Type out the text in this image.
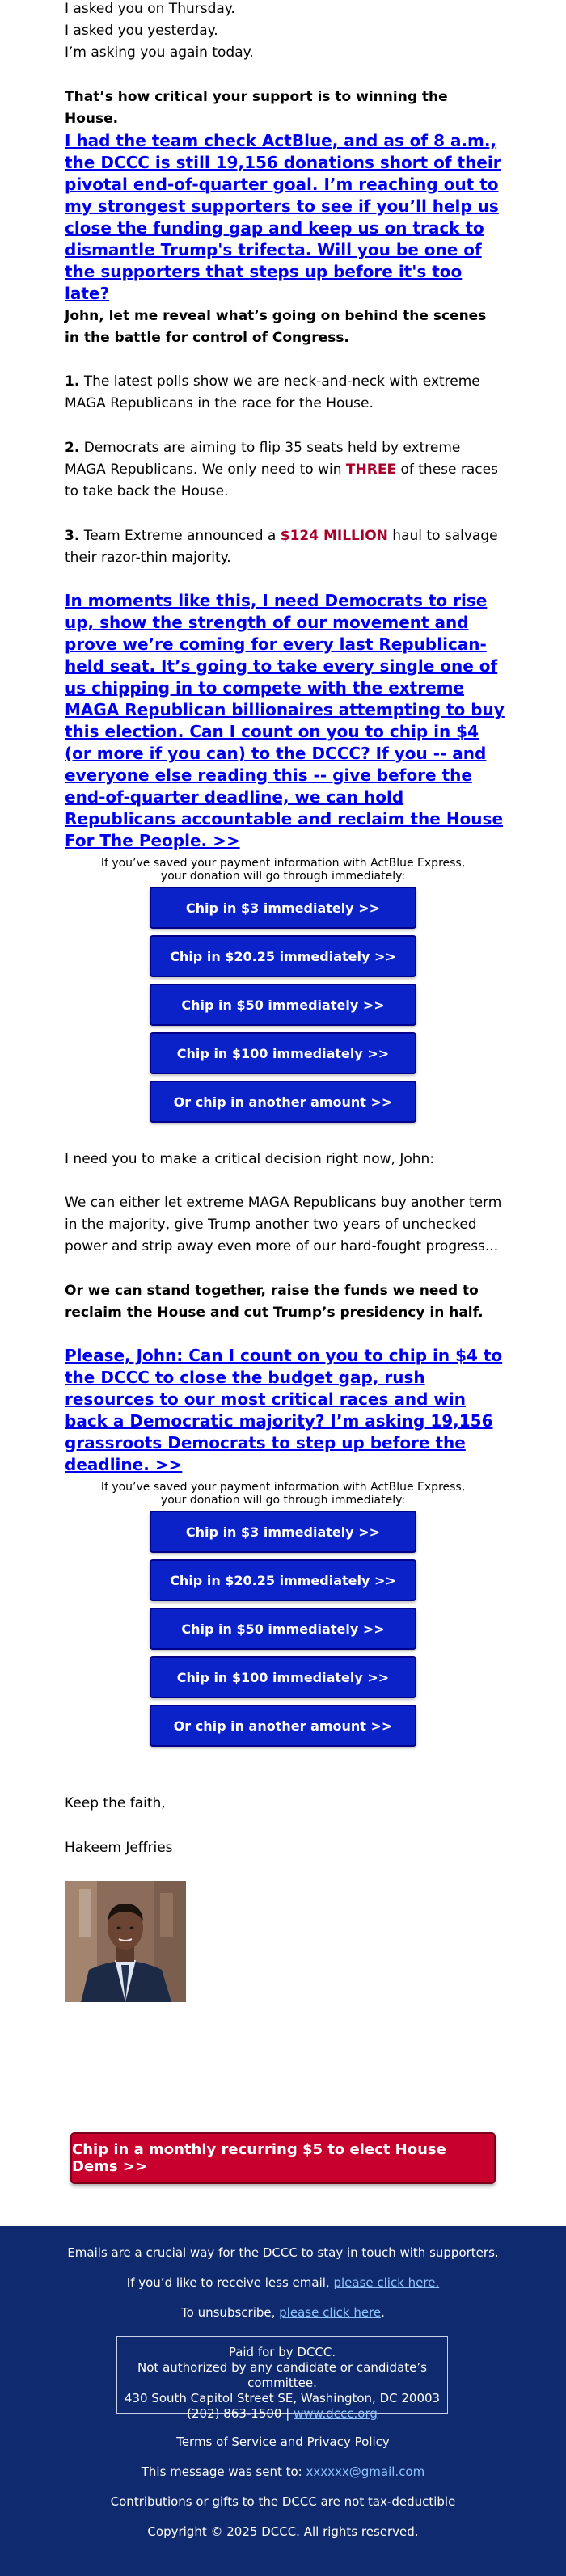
I asked you on Thursday.

I asked you yesterday.

I’m asking you again today.

That’s how critical your support is to winning the House.

I had the team check ActBlue, and as of 8 a.m., the DCCC is still 19,156 donations short of their pivotal end-of-quarter goal. I’m reaching out to my strongest supporters to see if you’ll help us close the funding gap and keep us on track to dismantle Trump's trifecta. Will you be one of the supporters that steps up before it's too late?

John, let me reveal what’s going on behind the scenes in the battle for control of Congress.

1. The latest polls show we are neck-and-neck with extreme MAGA Republicans in the race for the House.

2. Democrats are aiming to flip 35 seats held by extreme MAGA Republicans. We only need to win THREE of these races to take back the House.

3. Team Extreme announced a $124 MILLION haul to salvage their razor-thin majority.

In moments like this, I need Democrats to rise up, show the strength of our movement and prove we’re coming for every last Republican-held seat. It’s going to take every single one of us chipping in to compete with the extreme MAGA Republican billionaires attempting to buy this election. Can I count on you to chip in $4 (or more if you can) to the DCCC? If you -- and everyone else reading this -- give before the end-of-quarter deadline, we can hold Republicans accountable and reclaim the House For The People. >>
If you’ve saved your payment information with ActBlue Express,
your donation will go through immediately:
Chip in $3 immediately >>
Chip in $20.25 immediately >>
Chip in $50 immediately >>
Chip in $100 immediately >>
Or chip in another amount >>

I need you to make a critical decision right now, John:

We can either let extreme MAGA Republicans buy another term in the majority, give Trump another two years of unchecked power and strip away even more of our hard-fought progress...

Or we can stand together, raise the funds we need to reclaim the House and cut Trump’s presidency in half.

Please, John: Can I count on you to chip in $4 to the DCCC to close the budget gap, rush resources to our most critical races and win back a Democratic majority? I’m asking 19,156 grassroots Democrats to step up before the deadline. >>
If you’ve saved your payment information with ActBlue Express,
your donation will go through immediately:
Chip in $3 immediately >>
Chip in $20.25 immediately >>
Chip in $50 immediately >>
Chip in $100 immediately >>
Or chip in another amount >>

Keep the faith,

Hakeem Jeffries

Chip in a monthly recurring $5 to elect House Dems >>
Emails are a crucial way for the DCCC to stay in touch with supporters.
If you’d like to receive less email, please click here.
To unsubscribe, please click here.
Paid for by DCCC.
Not authorized by any candidate or candidate’s committee.
430 South Capitol Street SE, Washington, DC 20003
(202) 863-1500 | www.dccc.org
Terms of Service and Privacy Policy
This message was sent to: xxxxxx@gmail.com
Contributions or gifts to the DCCC are not tax-deductible
Copyright © 2025 DCCC. All rights reserved.
